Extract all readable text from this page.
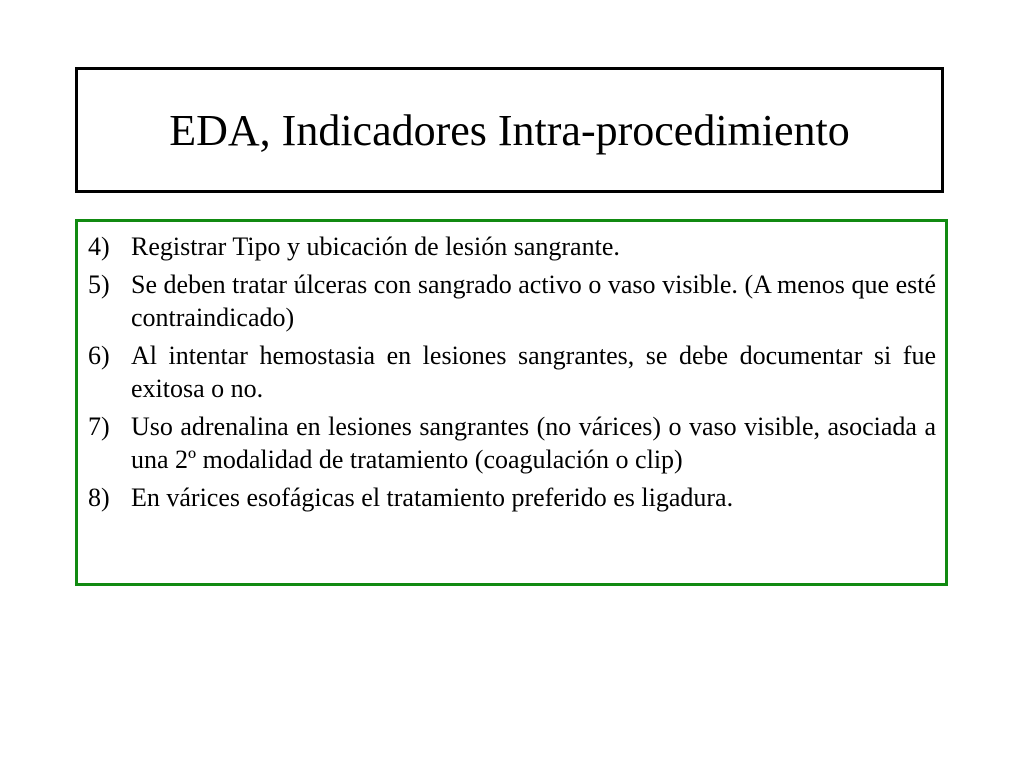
EDA, Indicadores Intra-procedimiento
4) Registrar Tipo y ubicación de lesión sangrante.
5) Se deben tratar úlceras con sangrado activo o vaso visible. (A menos que esté contraindicado)
6) Al intentar hemostasia en lesiones sangrantes, se debe documentar si fue exitosa o no.
7) Uso adrenalina en lesiones sangrantes (no várices) o vaso visible, asociada a una 2º modalidad de tratamiento (coagulación o clip)
8) En várices esofágicas el tratamiento preferido es ligadura.
